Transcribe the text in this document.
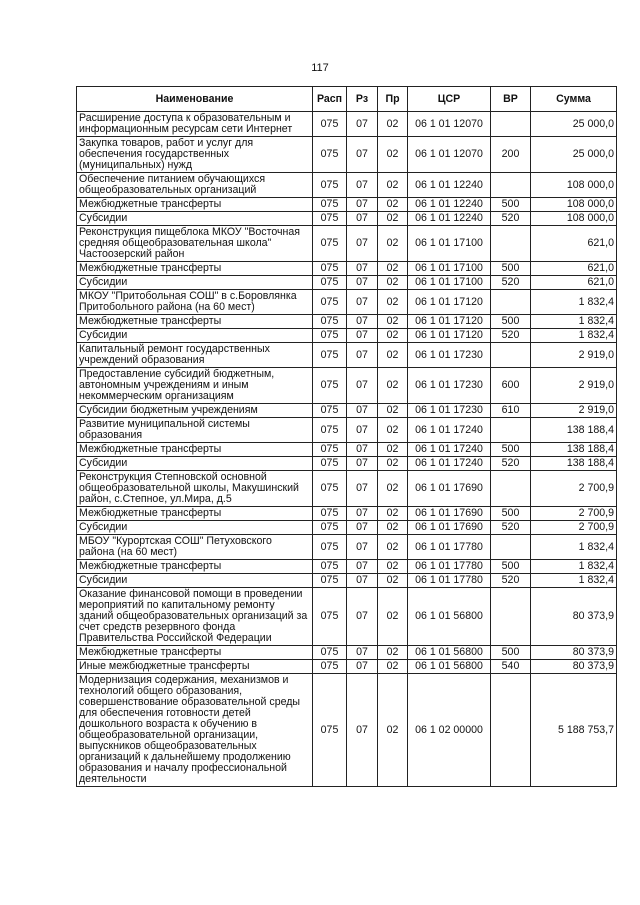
117
Наименование	Расп	Рз	Пр	ЦСР	ВР	Сумма
Расширение доступа к образовательным и информационным ресурсам сети Интернет	075	07	02	06 1 01 12070		25 000,0
Закупка товаров, работ и услуг для обеспечения государственных (муниципальных) нужд	075	07	02	06 1 01 12070	200	25 000,0
Обеспечение питанием обучающихся общеобразовательных организаций	075	07	02	06 1 01 12240		108 000,0
Межбюджетные трансферты	075	07	02	06 1 01 12240	500	108 000,0
Субсидии	075	07	02	06 1 01 12240	520	108 000,0
Реконструкция пищеблока МКОУ "Восточная средняя общеобразовательная школа" Частоозерский район	075	07	02	06 1 01 17100		621,0
Межбюджетные трансферты	075	07	02	06 1 01 17100	500	621,0
Субсидии	075	07	02	06 1 01 17100	520	621,0
МКОУ "Притобольная СОШ" в с.Боровлянка Притобольного района (на 60 мест)	075	07	02	06 1 01 17120		1 832,4
Межбюджетные трансферты	075	07	02	06 1 01 17120	500	1 832,4
Субсидии	075	07	02	06 1 01 17120	520	1 832,4
Капитальный ремонт государственных учреждений образования	075	07	02	06 1 01 17230		2 919,0
Предоставление субсидий бюджетным, автономным учреждениям и иным некоммерческим организациям	075	07	02	06 1 01 17230	600	2 919,0
Субсидии бюджетным учреждениям	075	07	02	06 1 01 17230	610	2 919,0
Развитие муниципальной системы образования	075	07	02	06 1 01 17240		138 188,4
Межбюджетные трансферты	075	07	02	06 1 01 17240	500	138 188,4
Субсидии	075	07	02	06 1 01 17240	520	138 188,4
Реконструкция Степновской основной общеобразовательной школы, Макушинский район, с.Степное, ул.Мира, д.5	075	07	02	06 1 01 17690		2 700,9
Межбюджетные трансферты	075	07	02	06 1 01 17690	500	2 700,9
Субсидии	075	07	02	06 1 01 17690	520	2 700,9
МБОУ "Курортская СОШ" Петуховского района (на 60 мест)	075	07	02	06 1 01 17780		1 832,4
Межбюджетные трансферты	075	07	02	06 1 01 17780	500	1 832,4
Субсидии	075	07	02	06 1 01 17780	520	1 832,4
Оказание финансовой помощи в проведении мероприятий по капитальному ремонту зданий общеобразовательных организаций за счет средств резервного фонда Правительства Российской Федерации	075	07	02	06 1 01 56800		80 373,9
Межбюджетные трансферты	075	07	02	06 1 01 56800	500	80 373,9
Иные межбюджетные трансферты	075	07	02	06 1 01 56800	540	80 373,9
Модернизация содержания, механизмов и технологий общего образования, совершенствование образовательной среды для обеспечения готовности детей дошкольного возраста к обучению в общеобразовательной организации, выпускников общеобразовательных организаций к дальнейшему продолжению образования и началу профессиональной деятельности	075	07	02	06 1 02 00000		5 188 753,7
